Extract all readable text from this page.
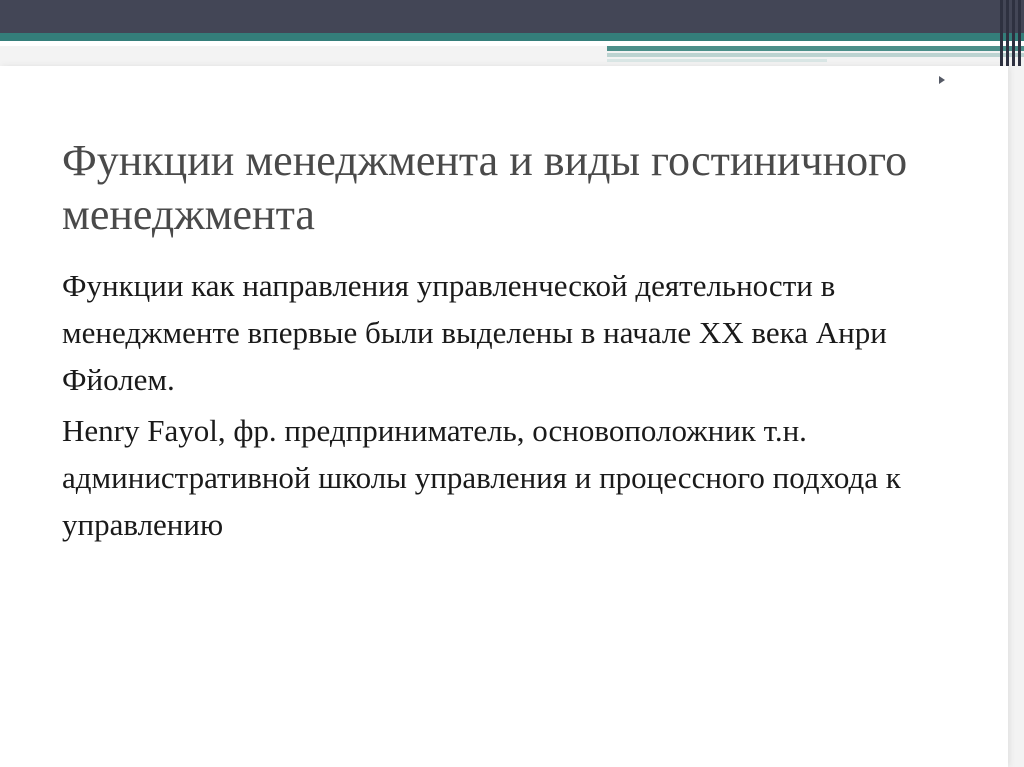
Функции менеджмента и виды гостиничного менеджмента

Функции как направления управленческой деятельности в менеджменте впервые были выделены в начале ХХ века Анри Фйолем.

Henry Fayol, фр. предприниматель, основоположник т.н. административной школы управления и процессного подхода к управлению
